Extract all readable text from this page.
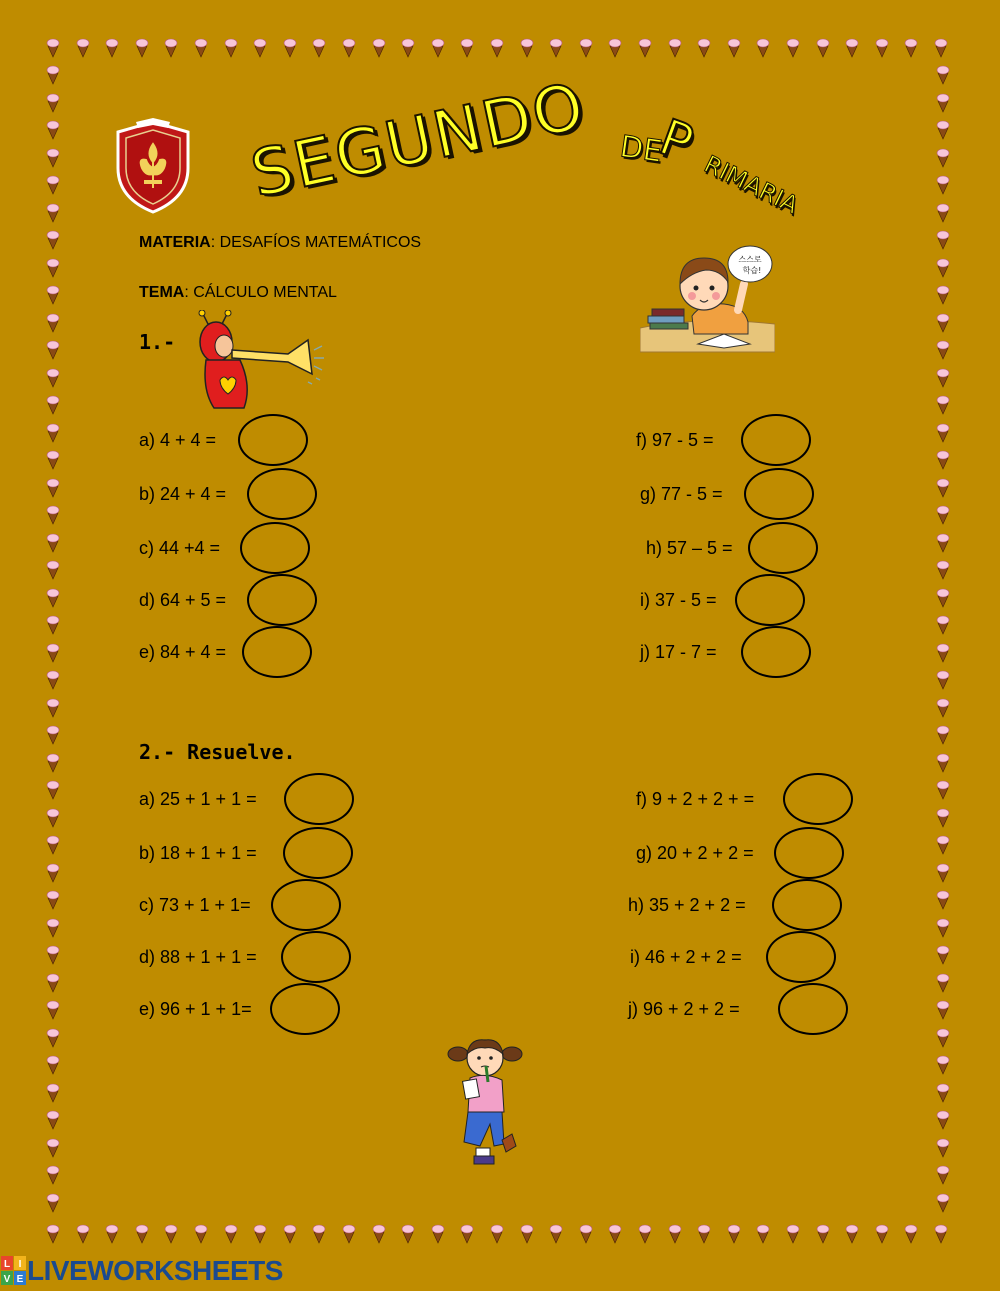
SEGUNDO DE
P
RIMARIA
MATERIA: DESAFÍOS MATEMÁTICOS
TEMA: CÁLCULO MENTAL
스스로
학습!
1.-
a) 4 + 4 =
b) 24 + 4 =
c) 44 +4 =
d) 64 + 5 =
e) 84 + 4 =
f) 97 - 5 =
g) 77 - 5 =
h) 57 – 5 =
i) 37 - 5 =
j) 17 - 7 =
2.- Resuelve.
a) 25 + 1 + 1 =
b) 18 + 1 + 1 =
c) 73 + 1 + 1=
d) 88 + 1 + 1 =
e) 96 + 1 + 1=
f) 9 + 2 + 2 + =
g) 20 + 2 + 2 =
h) 35 + 2 + 2 =
i) 46 + 2 + 2 =
j) 96 + 2 + 2 =
L I
V E LIVEWORKSHEETS
